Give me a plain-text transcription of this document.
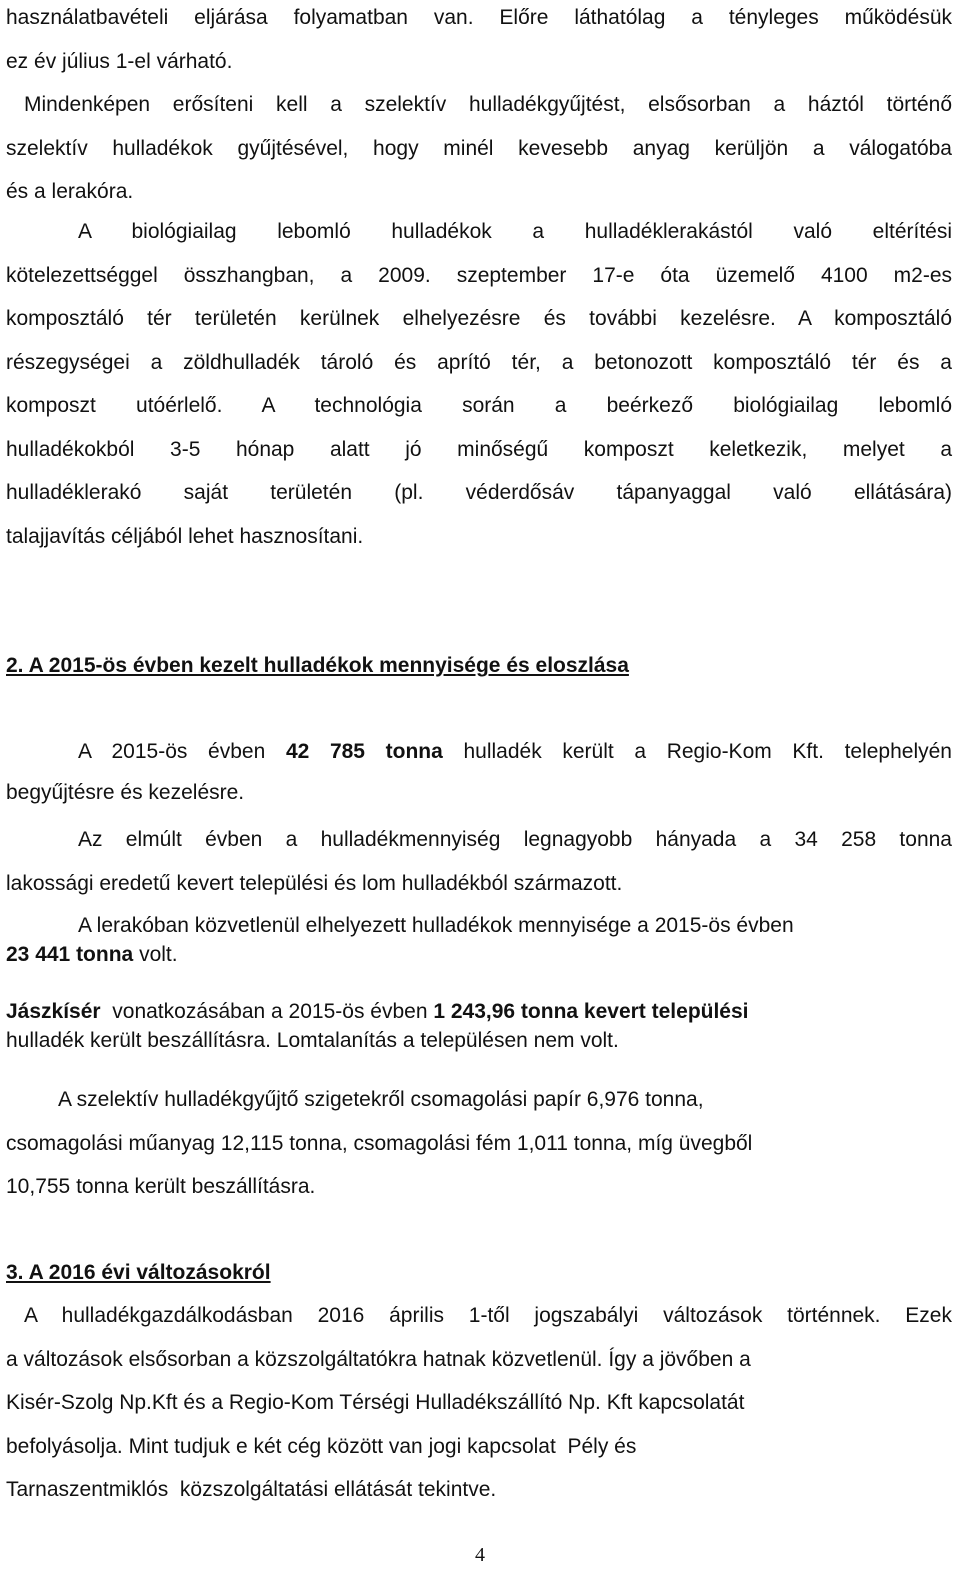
használatbavételi eljárása folyamatban van. Előre láthatólag a tényleges működésük
ez év július 1-el várható.
Mindenképen erősíteni kell a szelektív hulladékgyűjtést, elsősorban a háztól történő
szelektív hulladékok gyűjtésével, hogy minél kevesebb anyag kerüljön a válogatóba
és a lerakóra.
A biológiailag lebomló hulladékok a hulladéklerakástól való eltérítési
kötelezettséggel összhangban, a 2009. szeptember 17-e óta üzemelő 4100 m2-es
komposztáló tér területén kerülnek elhelyezésre és további kezelésre. A komposztáló
részegységei a zöldhulladék tároló és aprító tér, a betonozott komposztáló tér és a
komposzt utóérlelő. A technológia során a beérkező biológiailag lebomló
hulladékokból 3-5 hónap alatt jó minőségű komposzt keletkezik, melyet a
hulladéklerakó saját területén (pl. véderdősáv tápanyaggal való ellátására)
talajjavítás céljából lehet hasznosítani.
2. A 2015-ös évben kezelt hulladékok mennyisége és eloszlása
A 2015-ös évben 42 785 tonna hulladék került a Regio-Kom Kft. telephelyén
begyűjtésre és kezelésre.
Az elmúlt évben a hulladékmennyiség legnagyobb hányada a 34 258 tonna
lakossági eredetű kevert települési és lom hulladékból származott.
A lerakóban közvetlenül elhelyezett hulladékok mennyisége a 2015-ös évben
23 441 tonna volt.
Jászkísér  vonatkozásában a 2015-ös évben 1 243,96 tonna kevert települési
hulladék került beszállításra. Lomtalanítás a településen nem volt.
A szelektív hulladékgyűjtő szigetekről csomagolási papír 6,976 tonna,
csomagolási műanyag 12,115 tonna, csomagolási fém 1,011 tonna, míg üvegből
10,755 tonna került beszállításra.
3. A 2016 évi változásokról
A hulladékgazdálkodásban 2016 április 1-től jogszabályi változások történnek. Ezek
a változások elsősorban a közszolgáltatókra hatnak közvetlenül. Így a jövőben a
Kisér-Szolg Np.Kft és a Regio-Kom Térségi Hulladékszállító Np. Kft kapcsolatát
befolyásolja. Mint tudjuk e két cég között van jogi kapcsolat  Pély és
Tarnaszentmiklós  közszolgáltatási ellátását tekintve.
4
